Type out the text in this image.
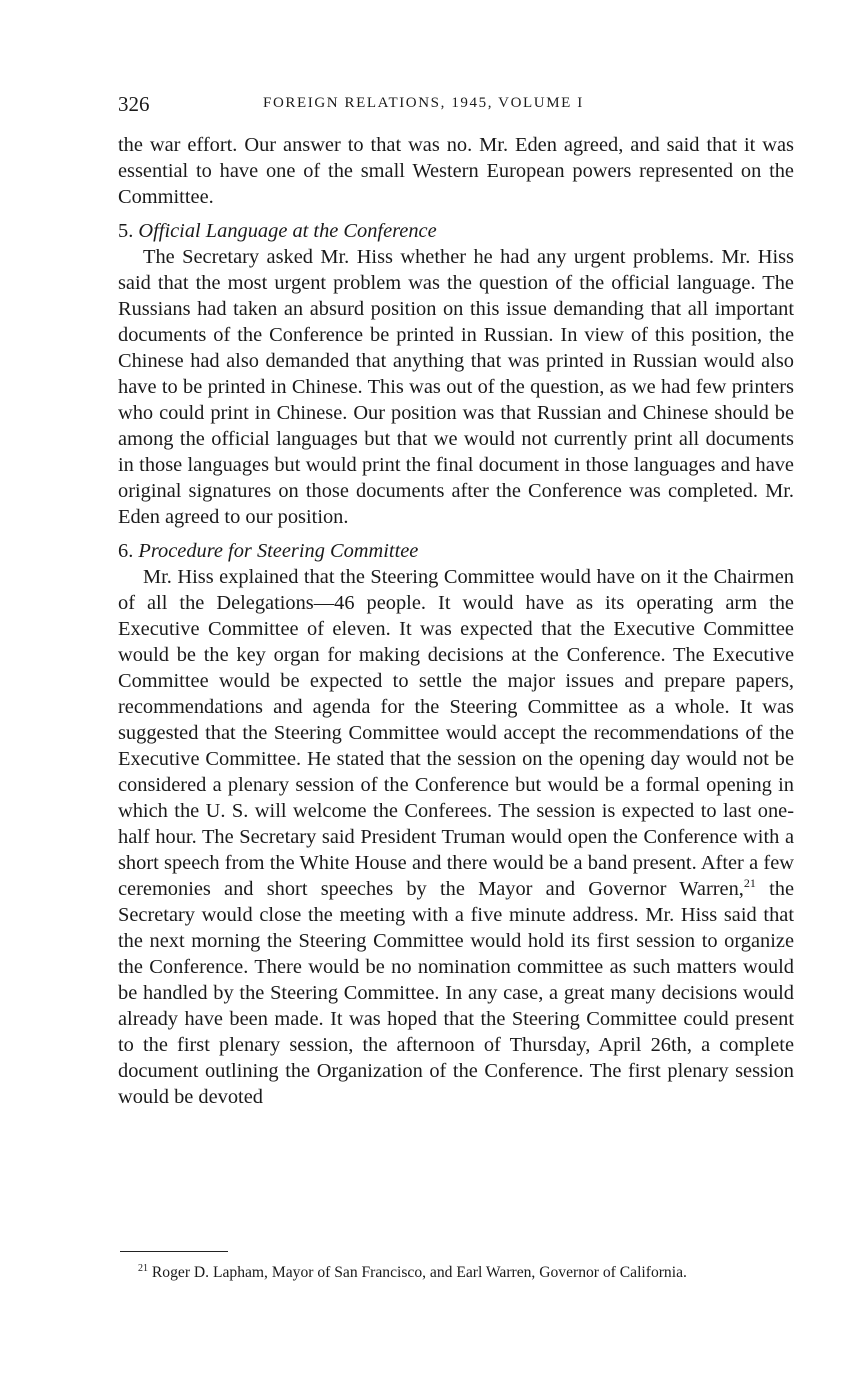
326	FOREIGN RELATIONS, 1945, VOLUME I

the war effort. Our answer to that was no. Mr. Eden agreed, and said that it was essential to have one of the small Western European powers represented on the Committee.

5. Official Language at the Conference

The Secretary asked Mr. Hiss whether he had any urgent problems. Mr. Hiss said that the most urgent problem was the question of the official language. The Russians had taken an absurd position on this issue demanding that all important documents of the Conference be printed in Russian. In view of this position, the Chinese had also demanded that anything that was printed in Russian would also have to be printed in Chinese. This was out of the question, as we had few printers who could print in Chinese. Our position was that Russian and Chinese should be among the official languages but that we would not currently print all documents in those languages but would print the final document in those languages and have original signatures on those documents after the Conference was completed. Mr. Eden agreed to our position.

6. Procedure for Steering Committee

Mr. Hiss explained that the Steering Committee would have on it the Chairmen of all the Delegations—46 people. It would have as its operating arm the Executive Committee of eleven. It was expected that the Executive Committee would be the key organ for making decisions at the Conference. The Executive Committee would be expected to settle the major issues and prepare papers, recommendations and agenda for the Steering Committee as a whole. It was suggested that the Steering Committee would accept the recommendations of the Executive Committee. He stated that the session on the opening day would not be considered a plenary session of the Conference but would be a formal opening in which the U. S. will welcome the Conferees. The session is expected to last one-half hour. The Secretary said President Truman would open the Conference with a short speech from the White House and there would be a band present. After a few ceremonies and short speeches by the Mayor and Governor Warren,$^{21}$ the Secretary would close the meeting with a five minute address. Mr. Hiss said that the next morning the Steering Committee would hold its first session to organize the Conference. There would be no nomination committee as such matters would be handled by the Steering Committee. In any case, a great many decisions would already have been made. It was hoped that the Steering Committee could present to the first plenary session, the afternoon of Thursday, April 26th, a complete document outlining the Organization of the Conference. The first plenary session would be devoted

$^{21}$ Roger D. Lapham, Mayor of San Francisco, and Earl Warren, Governor of California.
